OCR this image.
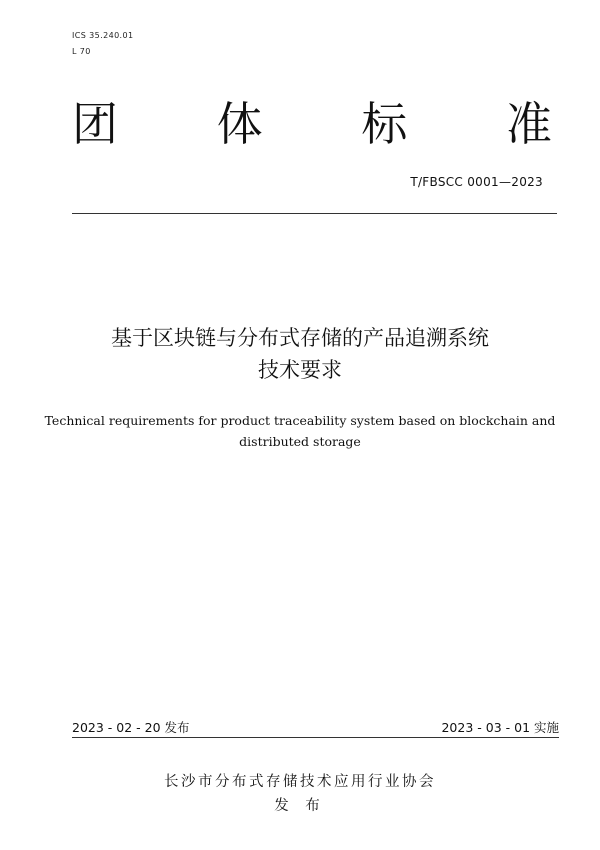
ICS 35.240.01
L 70
团 体 标 准
T/FBSCC 0001—2023
基于区块链与分布式存储的产品追溯系统
技术要求
Technical requirements for product traceability system based on blockchain and
distributed storage
2023 - 02 - 20 发布	2023 - 03 - 01 实施
长沙市分布式存储技术应用行业协会
发 布
